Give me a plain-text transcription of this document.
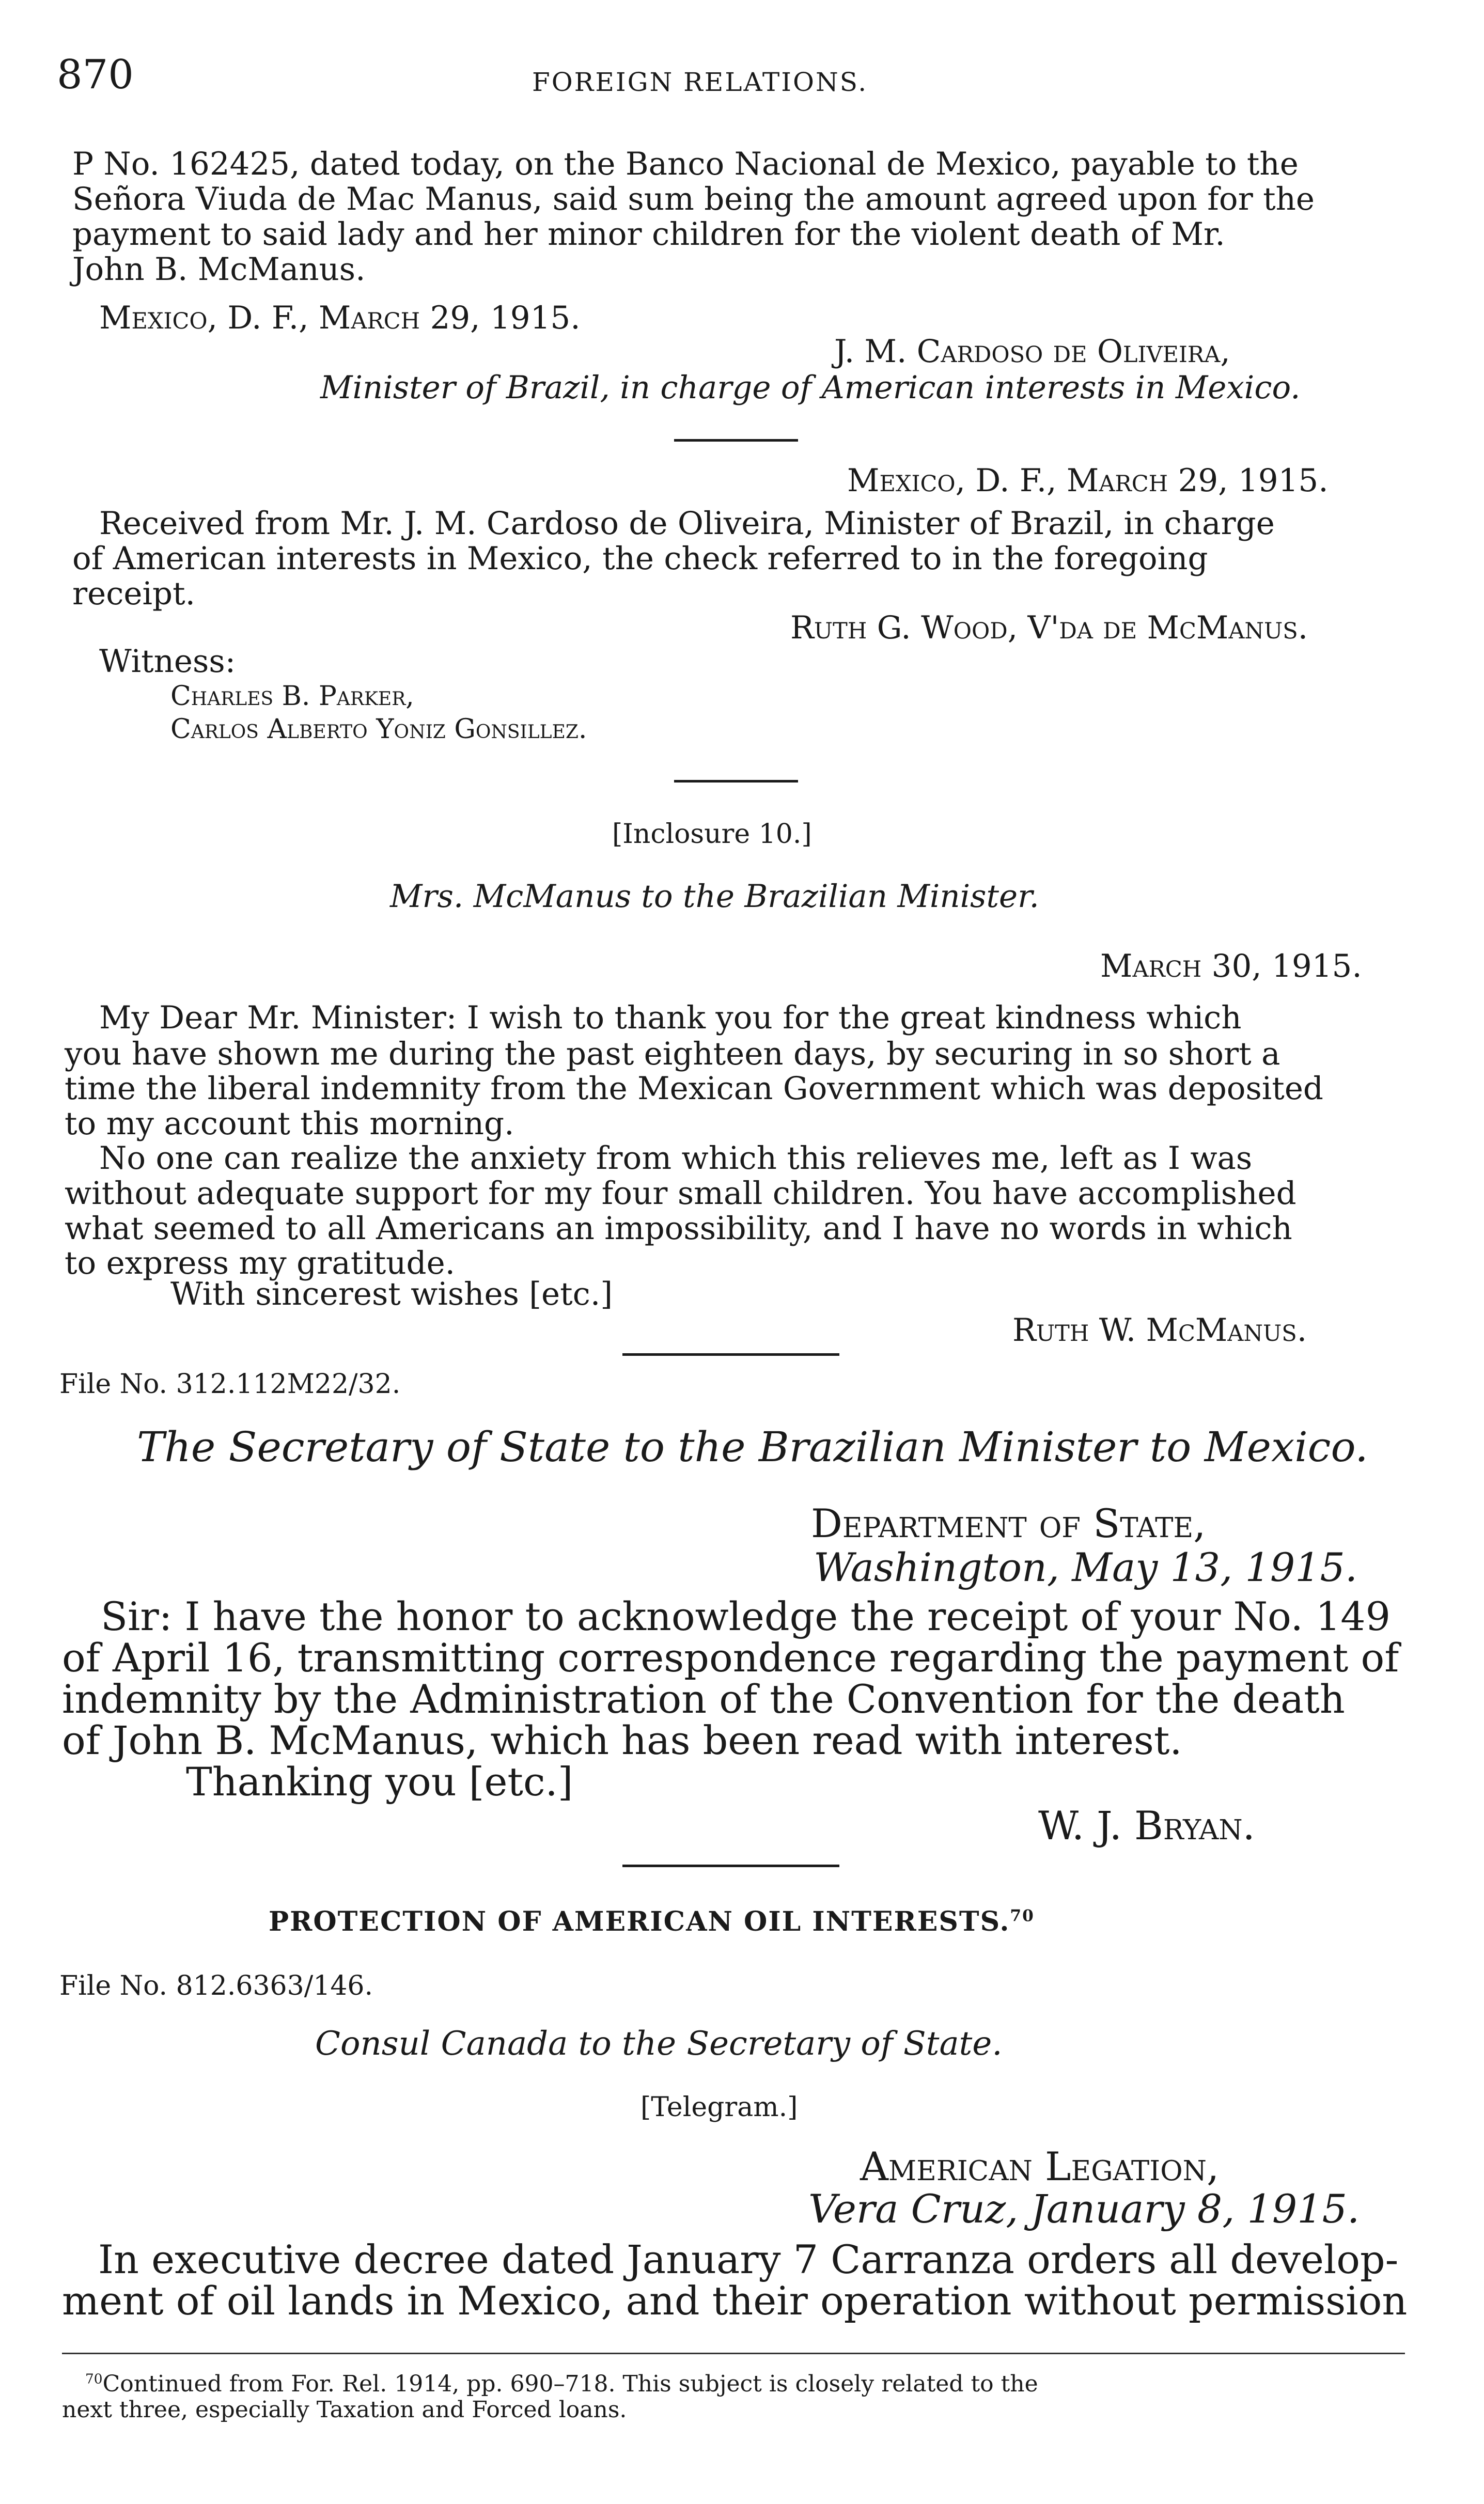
870	FOREIGN RELATIONS.
P No. 162425, dated today, on the Banco Nacional de Mexico, payable to the
Señora Viuda de Mac Manus, said sum being the amount agreed upon for the
payment to said lady and her minor children for the violent death of Mr.
John B. McManus.
Mexico, D. F., March 29, 1915.
J. M. Cardoso de Oliveira,
Minister of Brazil, in charge of American interests in Mexico.
Mexico, D. F., March 29, 1915.
Received from Mr. J. M. Cardoso de Oliveira, Minister of Brazil, in charge
of American interests in Mexico, the check referred to in the foregoing
receipt.
Ruth G. Wood, V'da de McManus.
Witness:
Charles B. Parker,
Carlos Alberto Yoniz Gonsillez.
[Inclosure 10.]
Mrs. McManus to the Brazilian Minister.
March 30, 1915.
My Dear Mr. Minister: I wish to thank you for the great kindness which
you have shown me during the past eighteen days, by securing in so short a
time the liberal indemnity from the Mexican Government which was deposited
to my account this morning.
No one can realize the anxiety from which this relieves me, left as I was
without adequate support for my four small children. You have accomplished
what seemed to all Americans an impossibility, and I have no words in which
to express my gratitude.
With sincerest wishes [etc.]
Ruth W. McManus.
File No. 312.112M22/32.
The Secretary of State to the Brazilian Minister to Mexico.
Department of State,
Washington, May 13, 1915.
Sir: I have the honor to acknowledge the receipt of your No. 149
of April 16, transmitting correspondence regarding the payment of
indemnity by the Administration of the Convention for the death
of John B. McManus, which has been read with interest.
Thanking you [etc.]
W. J. Bryan.
PROTECTION OF AMERICAN OIL INTERESTS.$^{70}$
File No. 812.6363/146.
Consul Canada to the Secretary of State.
[Telegram.]
American Legation,
Vera Cruz, January 8, 1915.
In executive decree dated January 7 Carranza orders all develop-
ment of oil lands in Mexico, and their operation without permission
$^{70}$Continued from For. Rel. 1914, pp. 690–718. This subject is closely related to the
next three, especially Taxation and Forced loans.
